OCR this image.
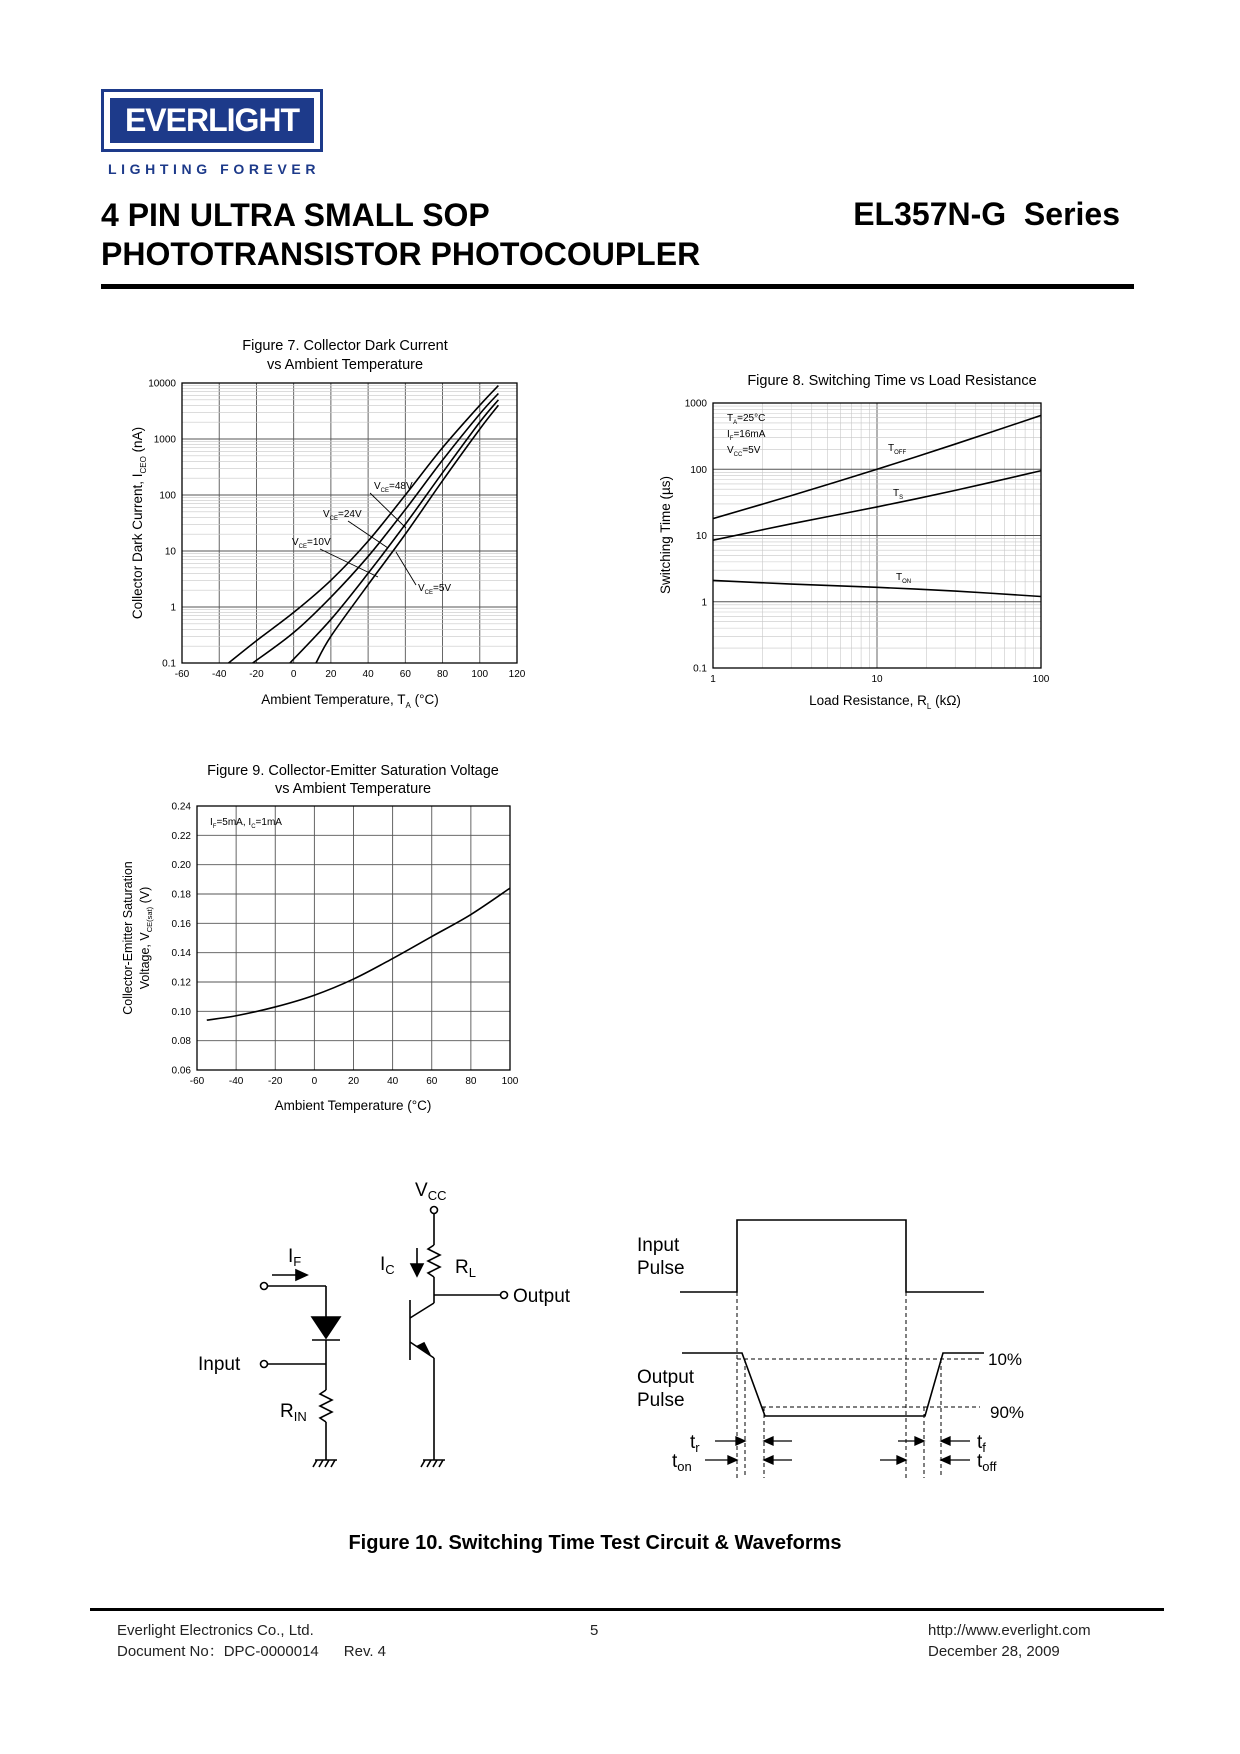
EVERLIGHT
LIGHTING FOREVER
4 PIN ULTRA SMALL SOP
PHOTOTRANSISTOR PHOTOCOUPLER
EL357N-G  Series
Figure 7. Collector Dark Current
vs Ambient Temperature
-60 -40 -20	0	20	40	60	80 100 120
0.1
1
10
100
1000
10000
Ambient Temperature, $T_A$ (°C)
Collector Dark Current, $I_{CEO}$ (nA)
$V_{CE}=48V$
$V_{CE}=24V$
$V_{CE}=10V$
$V_{CE}=5V$
Figure 8. Switching Time vs Load Resistance
1	10	100
0.1
1
10
100
1000
Load Resistance, $R_L$ (kΩ)
Switching Time (µs)
$T_A=25^\circ C$
$I_F=16mA$
$V_{CC}=5V$	$T_{OFF}$
$T_S$
$T_{ON}$
Figure 9. Collector-Emitter Saturation Voltage
vs Ambient Temperature
-60 -40 -20	0	20	40	60	80	100
0.06
0.08
0.10
0.12
0.14
0.16
0.18
0.20
0.22
0.24
Ambient Temperature (°C)
Collector-Emitter Saturation Voltage, $V_{CE(sat)}$ (V)
$I_F=5mA$, $I_C=1mA$
$V_{CC}$
$R_L$
$I_C$
Output
$I_F$
Input
$R_{IN}$
Input
Pulse
Output
Pulse
10%
90%
$t_r$
$t_{on}$
$t_f$
$t_{off}$
Figure 10. Switching Time Test Circuit & Waveforms
Everlight Electronics Co., Ltd.
Document No：DPC-0000014      Rev. 4
5	http://www.everlight.com
December 28, 2009
